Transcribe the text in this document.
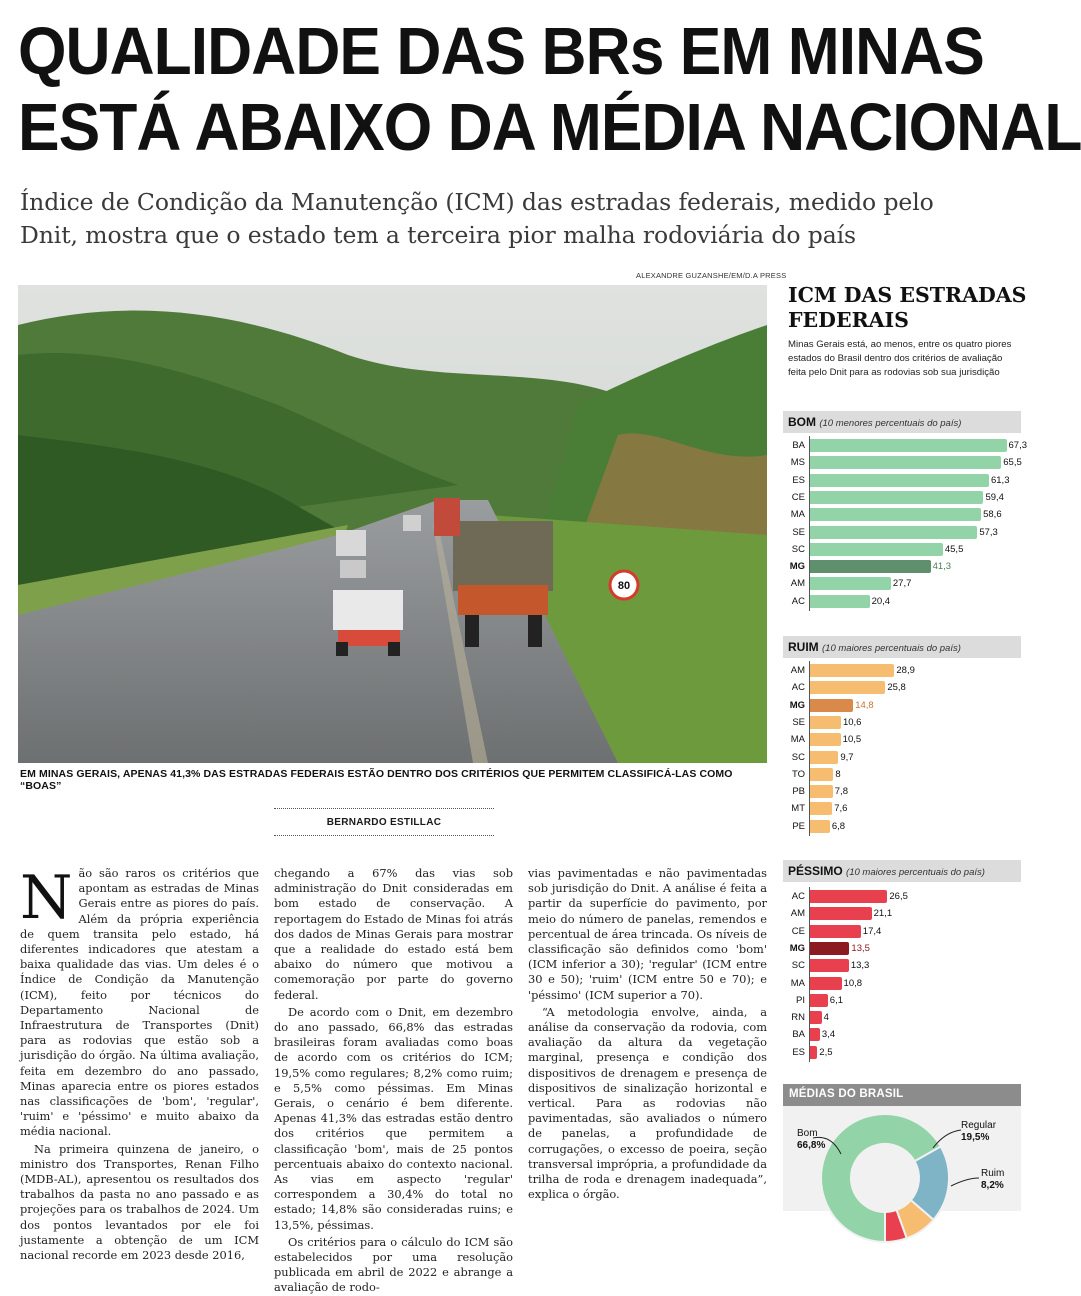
QUALIDADE DAS BRs EM MINAS
ESTÁ ABAIXO DA MÉDIA NACIONAL
Índice de Condição da Manutenção (ICM) das estradas federais, medido pelo
Dnit, mostra que o estado tem a terceira pior malha rodoviária do país
ALEXANDRE GUZANSHE/EM/D.A PRESS
80
EM MINAS GERAIS, APENAS 41,3% DAS ESTRADAS FEDERAIS ESTÃO DENTRO DOS CRITÉRIOS QUE PERMITEM CLASSIFICÁ-LAS COMO “BOAS”
BERNARDO ESTILLAC

Não são raros os critérios que apontam as estradas de Minas Gerais entre as piores do país. Além da própria experiência de quem transita pelo estado, há diferentes indicadores que atestam a baixa qualidade das vias. Um deles é o Índice de Condição da Manutenção (ICM), feito por técnicos do Departamento Nacional de Infraestrutura de Transportes (Dnit) para as rodovias que estão sob a jurisdição do órgão. Na última avaliação, feita em dezembro do ano passado, Minas aparecia entre os piores estados nas classificações de 'bom', 'regular', 'ruim' e 'péssimo' e muito abaixo da média nacional.

Na primeira quinzena de janeiro, o ministro dos Transportes, Renan Filho (MDB-AL), apresentou os resultados dos trabalhos da pasta no ano passado e as projeções para os trabalhos de 2024. Um dos pontos levantados por ele foi justamente a obtenção de um ICM nacional recorde em 2023 desde 2016,

chegando a 67% das vias sob administração do Dnit consideradas em bom estado de conservação. A reportagem do Estado de Minas foi atrás dos dados de Minas Gerais para mostrar que a realidade do estado está bem abaixo do número que motivou a comemoração por parte do governo federal.

De acordo com o Dnit, em dezembro do ano passado, 66,8% das estradas brasileiras foram avaliadas como boas de acordo com os critérios do ICM; 19,5% como regulares; 8,2% como ruim; e 5,5% como péssimas. Em Minas Gerais, o cenário é bem diferente. Apenas 41,3% das estradas estão dentro dos critérios que permitem a classificação 'bom', mais de 25 pontos percentuais abaixo do contexto nacional. As vias em aspecto 'regular' correspondem a 30,4% do total no estado; 14,8% são consideradas ruins; e 13,5%, péssimas.

Os critérios para o cálculo do ICM são estabelecidos por uma resolução publicada em abril de 2022 e abrange a avaliação de rodo-

vias pavimentadas e não pavimentadas sob jurisdição do Dnit. A análise é feita a partir da superfície do pavimento, por meio do número de panelas, remendos e percentual de área trincada. Os níveis de classificação são definidos como 'bom' (ICM inferior a 30); 'regular' (ICM entre 30 e 50); 'ruim' (ICM entre 50 e 70); e 'péssimo' (ICM superior a 70).

“A metodologia envolve, ainda, a análise da conservação da rodovia, com avaliação da altura da vegetação marginal, presença e condição dos dispositivos de drenagem e presença de dispositivos de sinalização horizontal e vertical. Para as rodovias não pavimentadas, são avaliados o número de panelas, a profundidade de corrugações, o excesso de poeira, seção transversal imprópria, a profundidade da trilha de roda e drenagem inadequada”, explica o órgão.

ICM DAS ESTRADAS FEDERAIS
Minas Gerais está, ao menos, entre os quatro piores estados do Brasil dentro dos critérios de avaliação feita pelo Dnit para as rodovias sob sua jurisdição
BOM (10 menores percentuais do país)
BA	67,3
MS	65,5
ES	61,3
CE	59,4
MA	58,6
SE	57,3
SC	45,5
MG	41,3
AM	27,7
AC	20,4
RUIM (10 maiores percentuais do país)
AM	28,9
AC	25,8
MG	14,8
SE	10,6
MA	10,5
SC	9,7
TO	8
PB	7,8
MT	7,6
PE	6,8
PÉSSIMO (10 maiores percentuais do país)
AC	26,5
AM	21,1
CE	17,4
MG	13,5
SC	13,3
MA	10,8
PI	6,1
RN 4
BA 3,4
ES 2,5
MÉDIAS DO BRASIL
Bom
66,8%
Regular
19,5%
Ruim
8,2%
